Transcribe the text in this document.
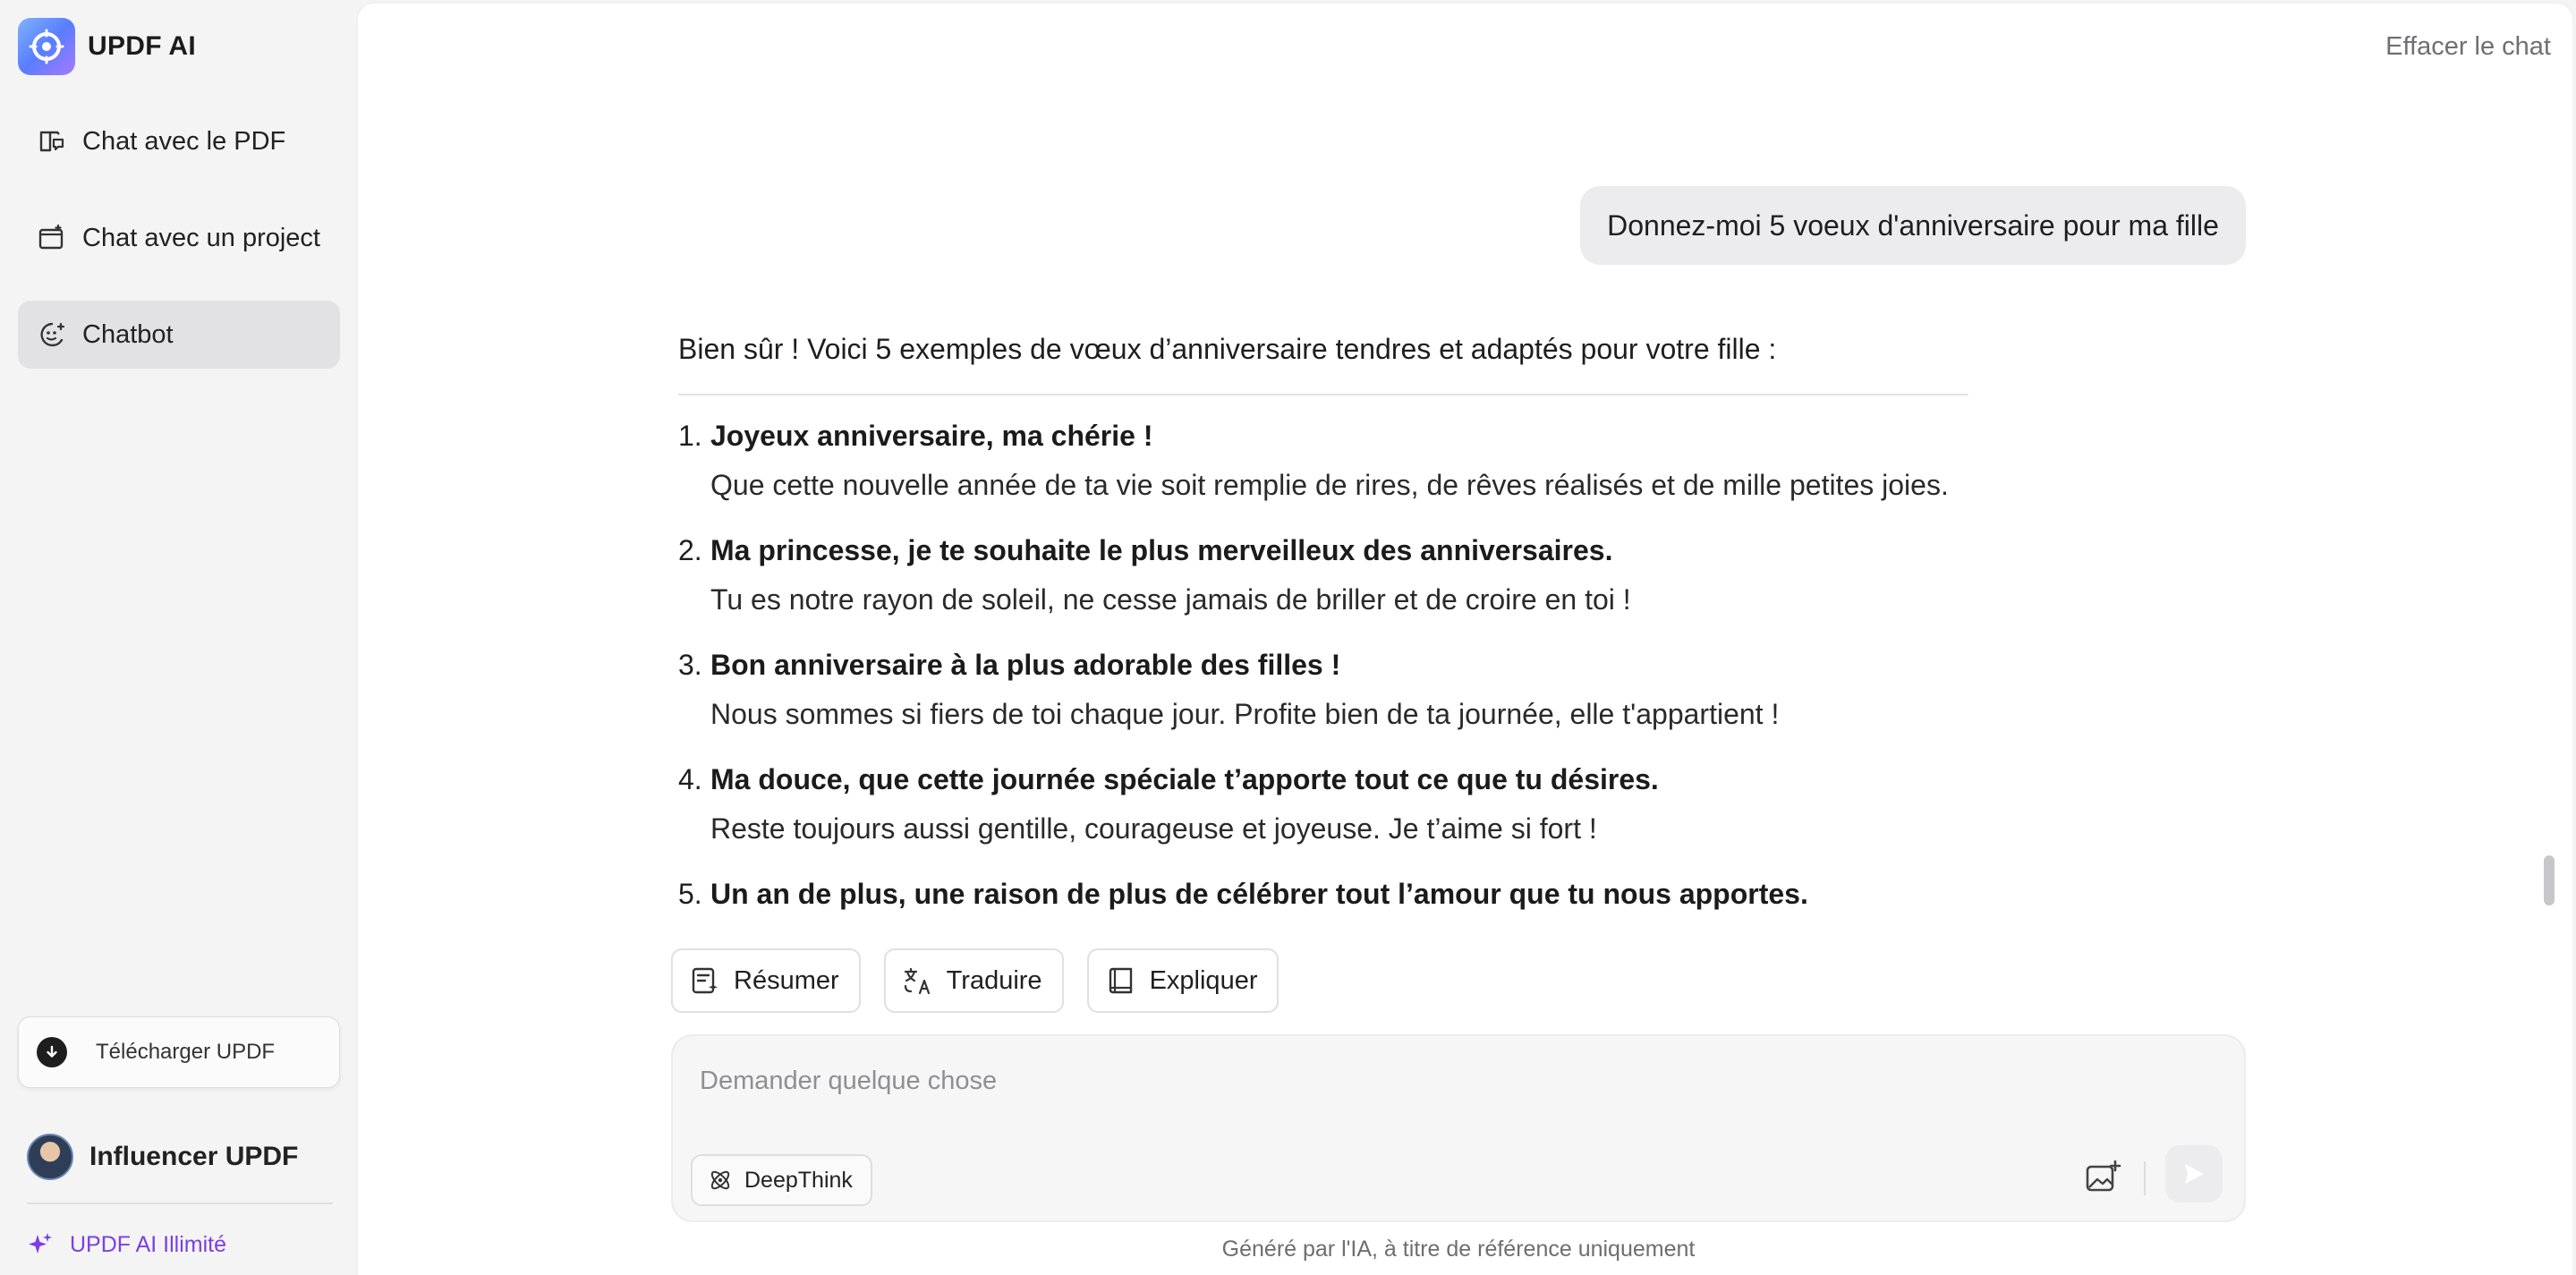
UPDF AI
Chat avec le PDF
Chat avec un project
Chatbot
Télécharger UPDF
Influencer UPDF
UPDF AI Illimité
Effacer le chat
Donnez-moi 5 voeux d'anniversaire pour ma fille

Bien sûr ! Voici 5 exemples de vœux d’anniversaire tendres et adaptés pour votre fille :

1. Joyeux anniversaire, ma chérie !
Que cette nouvelle année de ta vie soit remplie de rires, de rêves réalisés et de mille petites joies.
2. Ma princesse, je te souhaite le plus merveilleux des anniversaires.
Tu es notre rayon de soleil, ne cesse jamais de briller et de croire en toi !
3. Bon anniversaire à la plus adorable des filles !
Nous sommes si fiers de toi chaque jour. Profite bien de ta journée, elle t'appartient !
4. Ma douce, que cette journée spéciale t’apporte tout ce que tu désires.
Reste toujours aussi gentille, courageuse et joyeuse. Je t’aime si fort !
5. Un an de plus, une raison de plus de célébrer tout l’amour que tu nous apportes.
Résumer	Traduire	Expliquer
Demander quelque chose
DeepThink
Généré par l'IA, à titre de référence uniquement
